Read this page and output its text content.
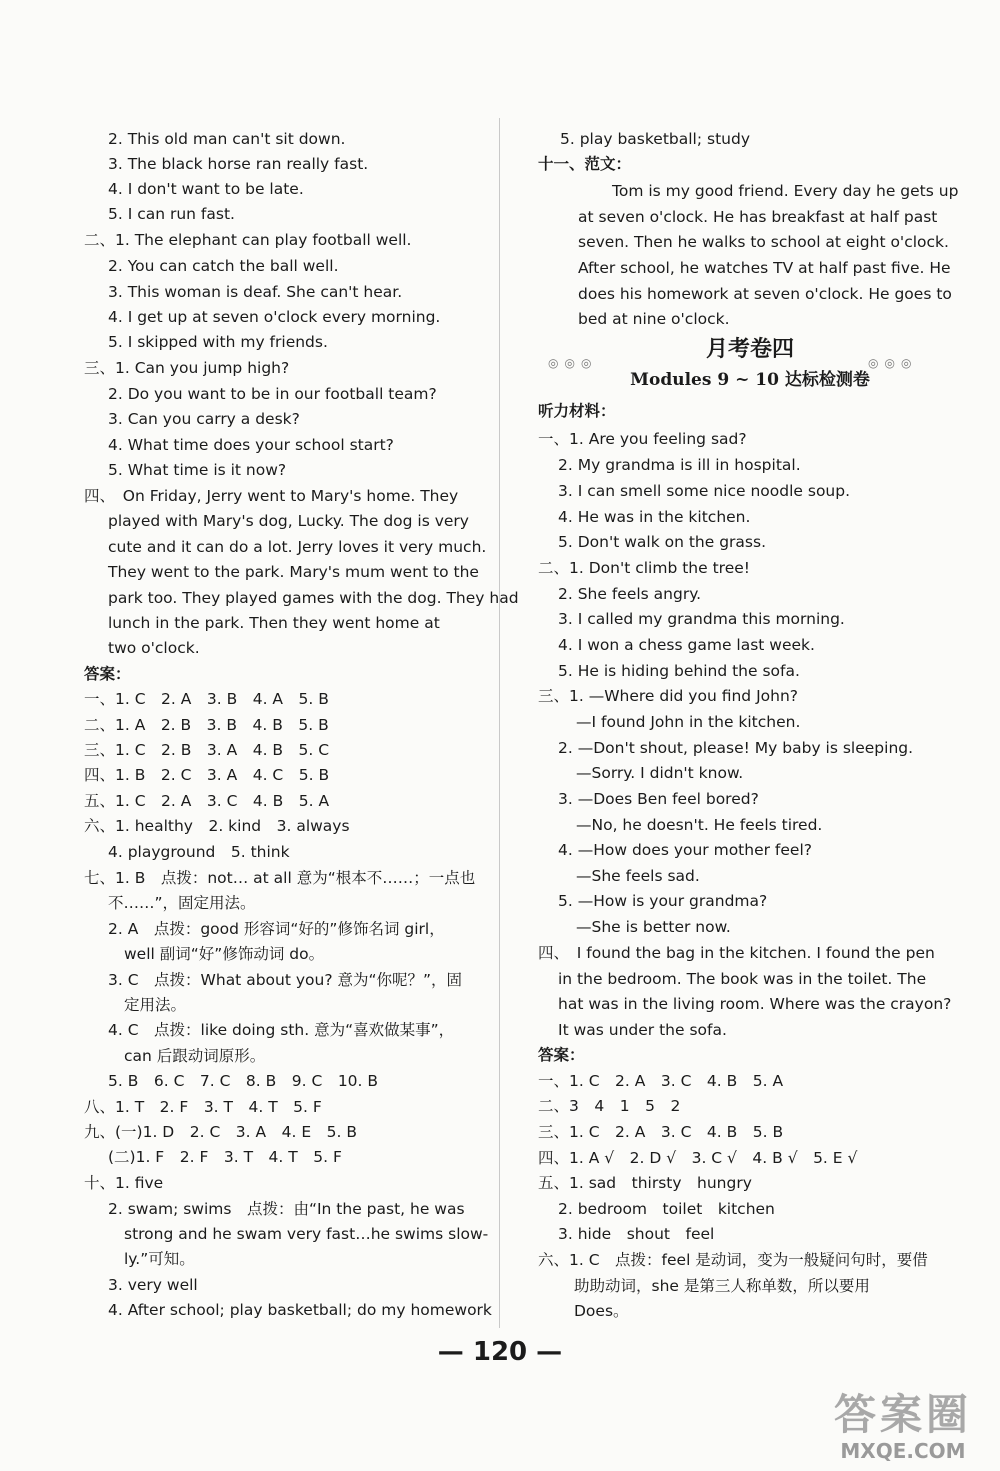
2. This old man can't sit down.
3. The black horse ran really fast.
4. I don't want to be late.
5. I can run fast.
二、1. The elephant can play football well.
2. You can catch the ball well.
3. This woman is deaf. She can't hear.
4. I get up at seven o'clock every morning.
5. I skipped with my friends.
三、1. Can you jump high?
2. Do you want to be in our football team?
3. Can you carry a desk?
4. What time does your school start?
5. What time is it now?
四、　On Friday, Jerry went to Mary's home. They
played with Mary's dog, Lucky. The dog is very
cute and it can do a lot. Jerry loves it very much.
They went to the park. Mary's mum went to the
park too. They played games with the dog. They had
lunch in the park. Then they went home at
two o'clock.
答案：
一、1. C　2. A　3. B　4. A　5. B
二、1. A　2. B　3. B　4. B　5. B
三、1. C　2. B　3. A　4. B　5. C
四、1. B　2. C　3. A　4. C　5. B
五、1. C　2. A　3. C　4. B　5. A
六、1. healthy　2. kind　3. always
4. playground　5. think
七、1. B　点拨：not… at all 意为“根本不……；一点也
不……”，固定用法。
2. A　点拨：good 形容词“好的”修饰名词 girl，
well 副词“好”修饰动词 do。
3. C　点拨：What about you? 意为“你呢？”，固
定用法。
4. C　点拨：like doing sth. 意为“喜欢做某事”，
can 后跟动词原形。
5. B　6. C　7. C　8. B　9. C　10. B
八、1. T　2. F　3. T　4. T　5. F
九、(一)1. D　2. C　3. A　4. E　5. B
(二)1. F　2. F　3. T　4. T　5. F
十、1. five
2. swam; swims　点拨：由“In the past, he was
strong and he swam very fast…he swims slow-
ly.”可知。
3. very well
4. After school; play basketball; do my homework
5. play basketball; study
十一、范文：
Tom is my good friend. Every day he gets up
at seven o'clock. He has breakfast at half past
seven. Then he walks to school at eight o'clock.
After school, he watches TV at half past five. He
does his homework at seven o'clock. He goes to
bed at nine o'clock.
月考卷四
◎◎◎	◎◎◎
Modules 9 ~ 10 达标检测卷
听力材料：
一、1. Are you feeling sad?
2. My grandma is ill in hospital.
3. I can smell some nice noodle soup.
4. He was in the kitchen.
5. Don't walk on the grass.
二、1. Don't climb the tree!
2. She feels angry.
3. I called my grandma this morning.
4. I won a chess game last week.
5. He is hiding behind the sofa.
三、1. —Where did you find John?
—I found John in the kitchen.
2. —Don't shout, please! My baby is sleeping.
—Sorry. I didn't know.
3. —Does Ben feel bored?
—No, he doesn't. He feels tired.
4. —How does your mother feel?
—She feels sad.
5. —How is your grandma?
—She is better now.
四、　I found the bag in the kitchen. I found the pen
in the bedroom. The book was in the toilet. The
hat was in the living room. Where was the crayon?
It was under the sofa.
答案：
一、1. C　2. A　3. C　4. B　5. A
二、3　4　1　5　2
三、1. C　2. A　3. C　4. B　5. B
四、1. A √　2. D √　3. C √　4. B √　5. E √
五、1. sad　thirsty　hungry
2. bedroom　toilet　kitchen
3. hide　shout　feel
六、1. C　点拨：feel 是动词，变为一般疑问句时，要借
助助动词，she 是第三人称单数，所以要用
Does。
— 120 —
答案圈
MXQE.COM
